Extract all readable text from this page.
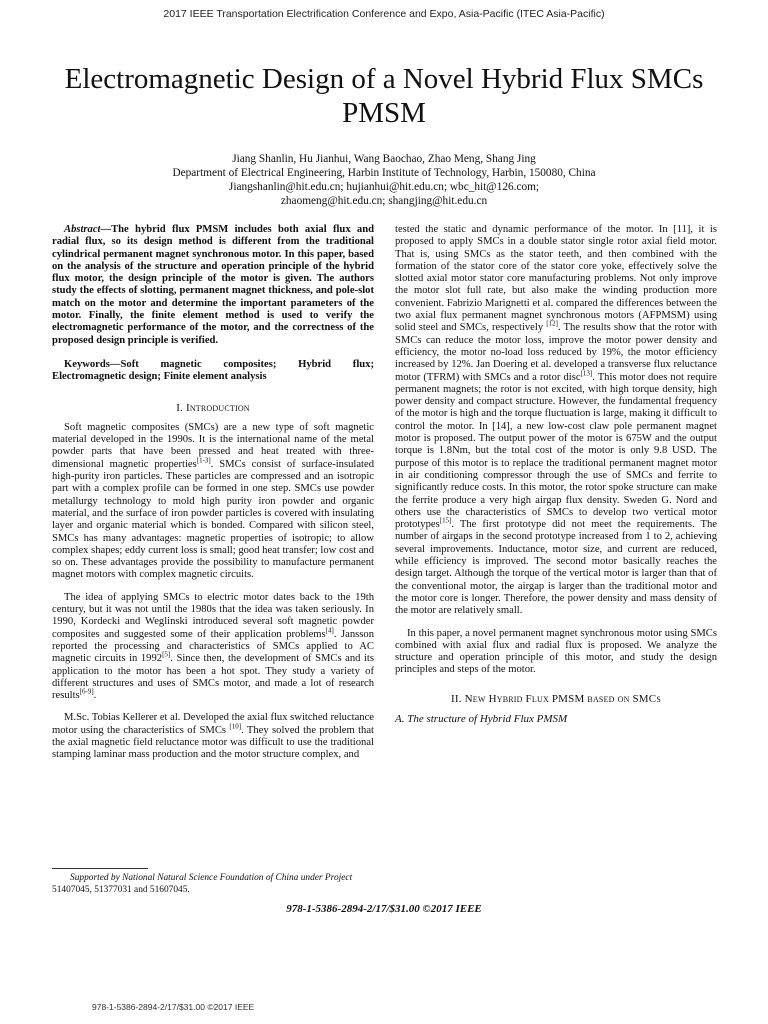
2017 IEEE Transportation Electrification Conference and Expo, Asia-Pacific (ITEC Asia-Pacific)
Electromagnetic Design of a Novel Hybrid Flux SMCs PMSM
Jiang Shanlin, Hu Jianhui, Wang Baochao, Zhao Meng, Shang Jing
Department of Electrical Engineering, Harbin Institute of Technology, Harbin, 150080, China
Jiangshanlin@hit.edu.cn; hujianhui@hit.edu.cn; wbc_hit@126.com;
zhaomeng@hit.edu.cn; shangjing@hit.edu.cn

Abstract—The hybrid flux PMSM includes both axial flux and radial flux, so its design method is different from the traditional cylindrical permanent magnet synchronous motor. In this paper, based on the analysis of the structure and operation principle of the hybrid flux motor, the design principle of the motor is given. The authors study the effects of slotting, permanent magnet thickness, and pole-slot match on the motor and determine the important parameters of the motor. Finally, the finite element method is used to verify the electromagnetic performance of the motor, and the correctness of the proposed design principle is verified.

Keywords—Soft magnetic composites; Hybrid flux; Electromagnetic design; Finite element analysis

I. Introduction

Soft magnetic composites (SMCs) are a new type of soft magnetic material developed in the 1990s. It is the international name of the metal powder parts that have been pressed and heat treated with three-dimensional magnetic properties[1-3]. SMCs consist of surface-insulated high-purity iron particles. These particles are compressed and an isotropic part with a complex profile can be formed in one step. SMCs use powder metallurgy technology to mold high purity iron powder and organic material, and the surface of iron powder particles is covered with insulating layer and organic material which is bonded. Compared with silicon steel, SMCs has many advantages: magnetic properties of isotropic; to allow complex shapes; eddy current loss is small; good heat transfer; low cost and so on. These advantages provide the possibility to manufacture permanent magnet motors with complex magnetic circuits.

The idea of applying SMCs to electric motor dates back to the 19th century, but it was not until the 1980s that the idea was taken seriously. In 1990, Kordecki and Weglinski introduced several soft magnetic powder composites and suggested some of their application problems[4]. Jansson reported the processing and characteristics of SMCs applied to AC magnetic circuits in 1992[5]. Since then, the development of SMCs and its application to the motor has been a hot spot. They study a variety of different structures and uses of SMCs motor, and made a lot of research results[6-9].

M.Sc. Tobias Kellerer et al. Developed the axial flux switched reluctance motor using the characteristics of SMCs [10]. They solved the problem that the axial magnetic field reluctance motor was difficult to use the traditional stamping laminar mass production and the motor structure complex, and

tested the static and dynamic performance of the motor. In [11], it is proposed to apply SMCs in a double stator single rotor axial field motor. That is, using SMCs as the stator teeth, and then combined with the formation of the stator core of the stator core yoke, effectively solve the slotted axial motor stator core manufacturing problems. Not only improve the motor slot full rate, but also make the winding production more convenient. Fabrizio Marignetti et al. compared the differences between the two axial flux permanent magnet synchronous motors (AFPMSM) using solid steel and SMCs, respectively [12]. The results show that the rotor with SMCs can reduce the motor loss, improve the motor power density and efficiency, the motor no-load loss reduced by 19%, the motor efficiency increased by 12%. Jan Doering et al. developed a transverse flux reluctance motor (TFRM) with SMCs and a rotor disc[13]. This motor does not require permanent magnets; the rotor is not excited, with high torque density, high power density and compact structure. However, the fundamental frequency of the motor is high and the torque fluctuation is large, making it difficult to control the motor. In [14], a new low-cost claw pole permanent magnet motor is proposed. The output power of the motor is 675W and the output torque is 1.8Nm, but the total cost of the motor is only 9.8 USD. The purpose of this motor is to replace the traditional permanent magnet motor in air conditioning compressor through the use of SMCs and ferrite to significantly reduce costs. In this motor, the rotor spoke structure can make the ferrite produce a very high airgap flux density. Sweden G. Nord and others use the characteristics of SMCs to develop two vertical motor prototypes[15]. The first prototype did not meet the requirements. The number of airgaps in the second prototype increased from 1 to 2, achieving several improvements. Inductance, motor size, and current are reduced, while efficiency is improved. The second motor basically reaches the design target. Although the torque of the vertical motor is larger than that of the conventional motor, the airgap is larger than the traditional motor and the motor core is longer. Therefore, the power density and mass density of the motor are relatively small.

In this paper, a novel permanent magnet synchronous motor using SMCs combined with axial flux and radial flux is proposed. We analyze the structure and operation principle of this motor, and study the design principles and steps of the motor.

II. New Hybrid Flux PMSM based on SMCs
A. The structure of Hybrid Flux PMSM

Supported by National Natural Science Foundation of China under Project 51407045, 51377031 and 51607045.

978-1-5386-2894-2/17/$31.00 ©2017 IEEE
978-1-5386-2894-2/17/$31.00 ©2017 IEEE
